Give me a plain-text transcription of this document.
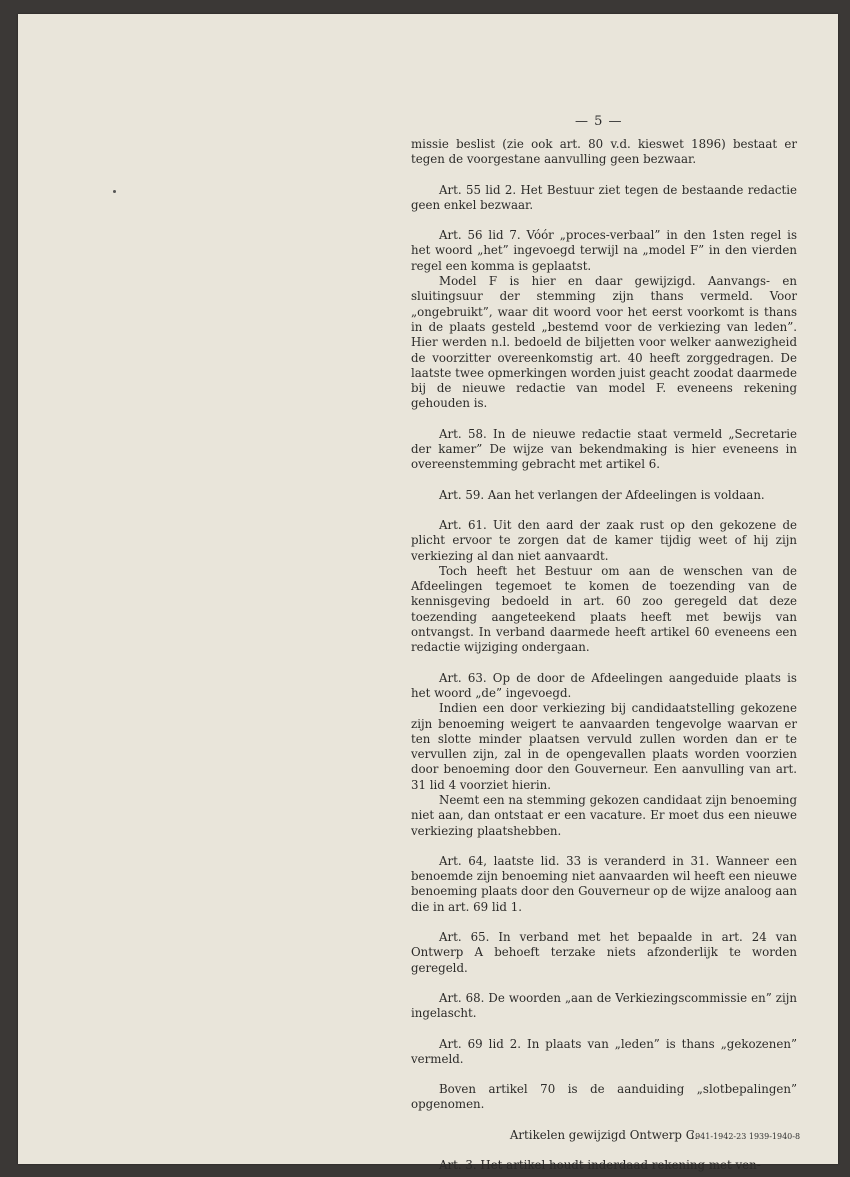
— 5 —

missie beslist (zie ook art. 80 v.d. kieswet 1896) bestaat er tegen de voorgestane aanvulling geen bezwaar.

Art. 55 lid 2. Het Bestuur ziet tegen de bestaande redactie geen enkel bezwaar.

Art. 56 lid 7. Vóór „proces-verbaal” in den 1sten regel is het woord „het” ingevoegd terwijl na „model F” in den vierden regel een komma is geplaatst.

Model F is hier en daar gewijzigd. Aanvangs- en sluitingsuur der stemming zijn thans vermeld. Voor „ongebruikt”, waar dit woord voor het eerst voorkomt is thans in de plaats gesteld „bestemd voor de verkiezing van leden”. Hier werden n.l. bedoeld de biljetten voor welker aanwezigheid de voorzitter overeenkomstig art. 40 heeft zorggedragen. De laatste twee opmerkingen worden juist geacht zoodat daarmede bij de nieuwe redactie van model F. eveneens rekening gehouden is.

Art. 58. In de nieuwe redactie staat vermeld „Secretarie der kamer” De wijze van bekendmaking is hier eveneens in overeenstemming gebracht met artikel 6.

Art. 59. Aan het verlangen der Afdeelingen is voldaan.

Art. 61. Uit den aard der zaak rust op den gekozene de plicht ervoor te zorgen dat de kamer tijdig weet of hij zijn verkiezing al dan niet aanvaardt.

Toch heeft het Bestuur om aan de wenschen van de Afdeelingen tegemoet te komen de toezending van de kennisgeving bedoeld in art. 60 zoo geregeld dat deze toezending aangeteekend plaats heeft met bewijs van ontvangst. In verband daarmede heeft artikel 60 eveneens een redactie wijziging ondergaan.

Art. 63. Op de door de Afdeelingen aangeduide plaats is het woord „de” ingevoegd.

Indien een door verkiezing bij candidaatstelling gekozene zijn benoeming weigert te aanvaarden tengevolge waarvan er ten slotte minder plaatsen vervuld zullen worden dan er te vervullen zijn, zal in de opengevallen plaats worden voorzien door benoeming door den Gouverneur. Een aanvulling van art. 31 lid 4 voorziet hierin.

Neemt een na stemming gekozen candidaat zijn benoeming niet aan, dan ontstaat er een vacature. Er moet dus een nieuwe verkiezing plaatshebben.

Art. 64, laatste lid. 33 is veranderd in 31. Wanneer een benoemde zijn benoeming niet aanvaarden wil heeft een nieuwe benoeming plaats door den Gouverneur op de wijze analoog aan die in art. 69 lid 1.

Art. 65. In verband met het bepaalde in art. 24 van Ontwerp A behoeft terzake niets afzonderlijk te worden geregeld.

Art. 68. De woorden „aan de Verkiezingscommissie en” zijn ingelascht.

Art. 69 lid 2. In plaats van „leden” is thans „gekozenen” vermeld.

Boven artikel 70 is de aanduiding „slotbepalingen” opgenomen.

Artikelen gewijzigd Ontwerp C.

Art. 3. Het artikel houdt inderdaad rekening met ven-

1941-1942-23 1939-1940-8
